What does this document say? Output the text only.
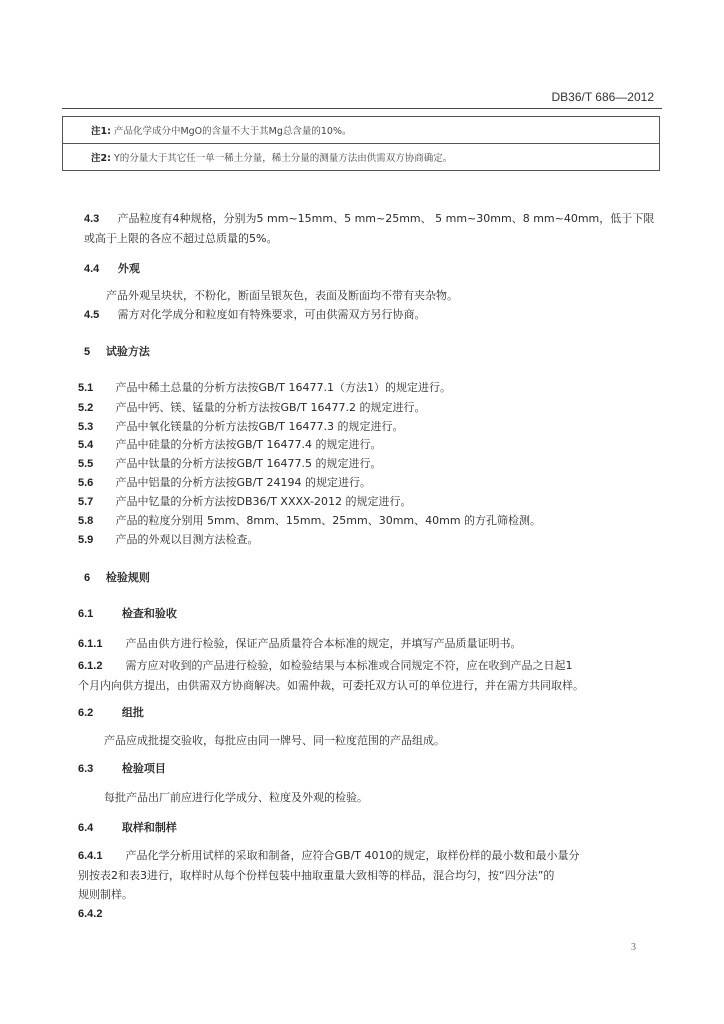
DB36/T 686—2012
注1: 产品化学成分中MgO的含量不大于其Mg总含量的10%。
注2: Y的分量大于其它任一单一稀土分量，稀土分量的测量方法由供需双方协商确定。
4.3 产品粒度有4种规格，分别为5 mm~15mm、5 mm~25mm、 5 mm~30mm、8 mm~40mm，低于下限
或高于上限的各应不超过总质量的5%。
4.4 外观
产品外观呈块状，不粉化，断面呈银灰色，表面及断面均不带有夹杂物。
4.5 需方对化学成分和粒度如有特殊要求，可由供需双方另行协商。
5 试验方法
5.1 产品中稀土总量的分析方法按GB/T 16477.1（方法1）的规定进行。
5.2 产品中钙、镁、锰量的分析方法按GB/T 16477.2 的规定进行。
5.3 产品中氧化镁量的分析方法按GB/T 16477.3 的规定进行。
5.4 产品中硅量的分析方法按GB/T 16477.4 的规定进行。
5.5 产品中钛量的分析方法按GB/T 16477.5 的规定进行。
5.6 产品中铝量的分析方法按GB/T 24194 的规定进行。
5.7 产品中钇量的分析方法按DB36/T XXXX-2012 的规定进行。
5.8 产品的粒度分别用 5mm、8mm、15mm、25mm、30mm、40mm 的方孔筛检测。
5.9 产品的外观以目测方法检查。
6 检验规则
6.1	检查和验收
6.1.1 产品由供方进行检验，保证产品质量符合本标准的规定，并填写产品质量证明书。
6.1.2 需方应对收到的产品进行检验，如检验结果与本标准或合同规定不符，应在收到产品之日起1
个月内向供方提出，由供需双方协商解决。如需仲裁，可委托双方认可的单位进行，并在需方共同取样。
6.2	组批
产品应成批提交验收，每批应由同一牌号、同一粒度范围的产品组成。
6.3	检验项目
每批产品出厂前应进行化学成分、粒度及外观的检验。
6.4	取样和制样
6.4.1 产品化学分析用试样的采取和制备，应符合GB/T 4010的规定，取样份样的最小数和最小量分
别按表2和表3进行，取样时从每个份样包装中抽取重量大致相等的样品，混合均匀，按“四分法”的
规则制样。
6.4.2
3
